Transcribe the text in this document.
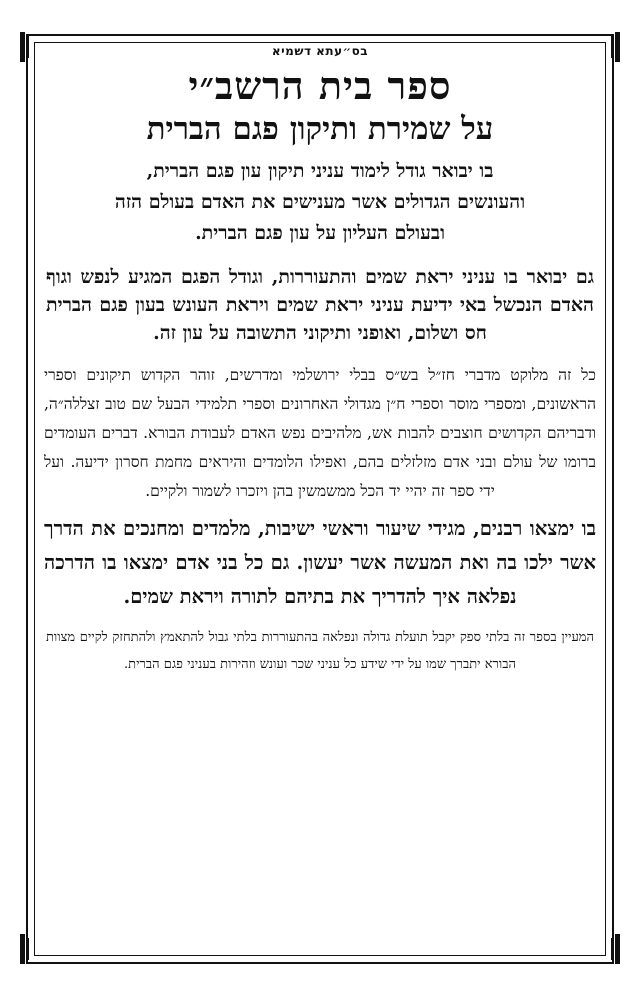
בס״עתא דשמיא
ספר בית הרשב״י
על שמירת ותיקון פגם הברית
בו יבואר גודל לימוד עניני תיקון עון פגם הברית,
והעונשים הגדולים אשר מענישים את האדם בעולם הזה
ובעולם העליון על עון פגם הברית.
גם יבואר בו עניני יראת שמים והתעוררות, וגודל הפגם המגיע לנפש וגוף האדם הנכשל באי ידיעת עניני יראת שמים ויראת העונש בעון פגם הברית חס ושלום, ואופני ותיקוני התשובה על עון זה.
כל זה מלוקט מדברי חז״ל בש״ס בבלי ירושלמי ומדרשים, זוהר הקדוש תיקונים וספרי הראשונים, ומספרי מוסר וספרי ח״ן מגדולי האחרונים וספרי תלמידי הבעל שם טוב זצללה״ה, ודבריהם הקדושים חוצבים להבות אש, מלהיבים נפש האדם לעבודת הבורא. דברים העומדים ברומו של עולם ובני אדם מזלזלים בהם, ואפילו הלומדים והיראים מחמת חסרון ידיעה. ועל ידי ספר זה יהיי יד הכל ממשמשין בהן ויזכרו לשמור ולקיים.
בו ימצאו רבנים, מגידי שיעור וראשי ישיבות, מלמדים ומחנכים את הדרך אשר ילכו בה ואת המעשה אשר יעשון. גם כל בני אדם ימצאו בו הדרכה נפלאה איך להדריך את בתיהם לתורה ויראת שמים.
המעיין בספר זה בלתי ספק יקבל תועלת גדולה ונפלאה בהתעוררות בלתי גבול להתאמץ ולהתחזק לקיים מצוות הבורא יתברך שמו על ידי שידע כל עניני שכר ועונש וזהירות בעניני פגם הברית.
